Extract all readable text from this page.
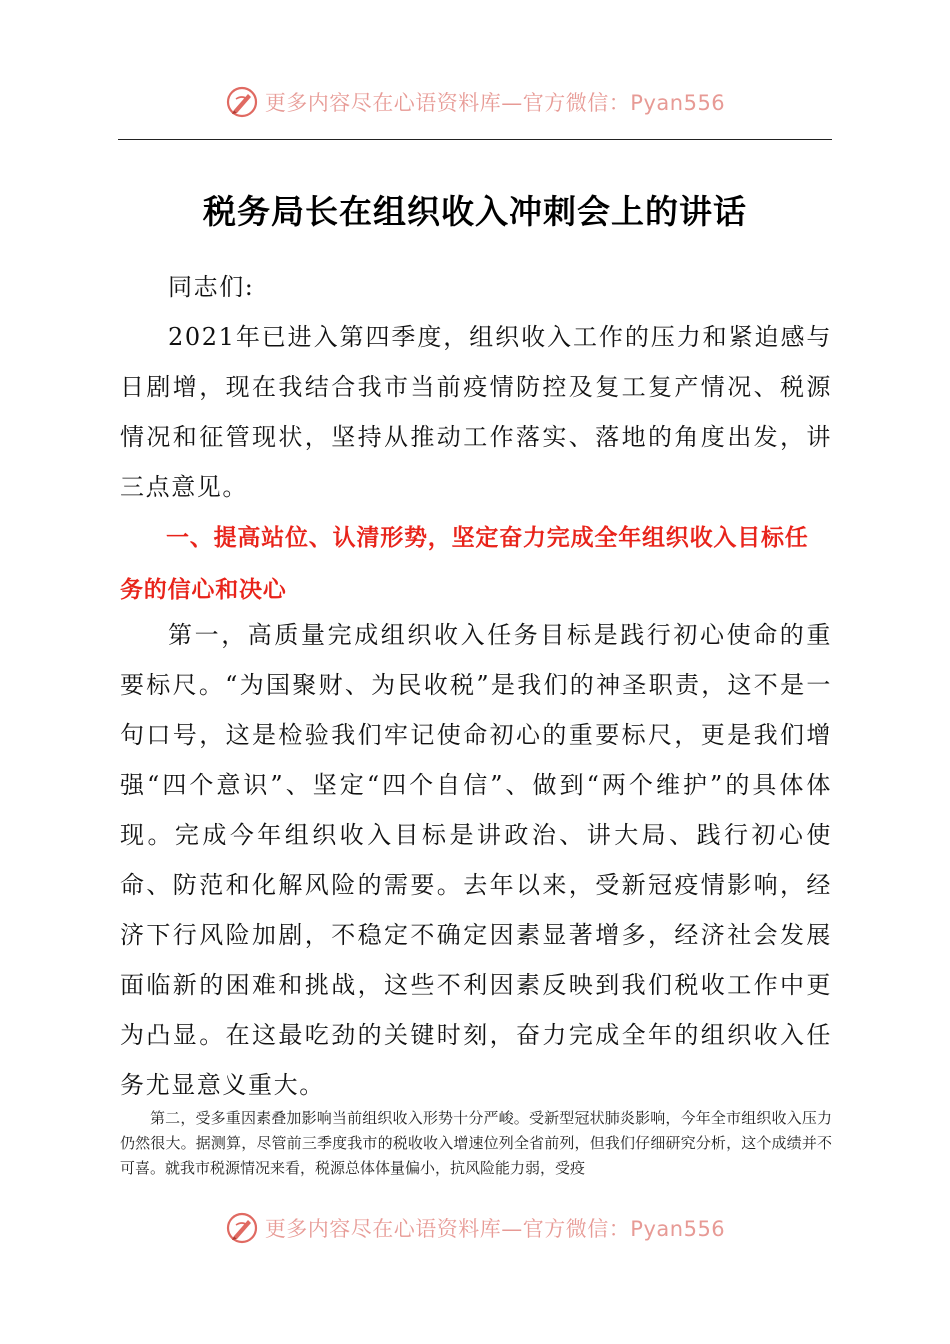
更多内容尽在心语资料库—官方微信：Pyan556
税务局长在组织收入冲刺会上的讲话
同志们:

2021年已进入第四季度，组织收入工作的压力和紧迫感与日剧增，现在我结合我市当前疫情防控及复工复产情况、税源情况和征管现状，坚持从推动工作落实、落地的角度出发，讲三点意见。

一、提高站位、认清形势，坚定奋力完成全年组织收入目标任务的信心和决心

第一，高质量完成组织收入任务目标是践行初心使命的重要标尺。“为国聚财、为民收税”是我们的神圣职责，这不是一句口号，这是检验我们牢记使命初心的重要标尺，更是我们增强“四个意识”、坚定“四个自信”、做到“两个维护”的具体体现。完成今年组织收入目标是讲政治、讲大局、践行初心使命、防范和化解风险的需要。去年以来，受新冠疫情影响，经济下行风险加剧，不稳定不确定因素显著增多，经济社会发展面临新的困难和挑战，这些不利因素反映到我们税收工作中更为凸显。在这最吃劲的关键时刻，奋力完成全年的组织收入任务尤显意义重大。

第二，受多重因素叠加影响当前组织收入形势十分严峻。受新型冠状肺炎影响，今年全市组织收入压力仍然很大。据测算，尽管前三季度我市的税收收入增速位列全省前列，但我们仔细研究分析，这个成绩并不可喜。就我市税源情况来看，税源总体体量偏小，抗风险能力弱，受疫

更多内容尽在心语资料库—官方微信：Pyan556
